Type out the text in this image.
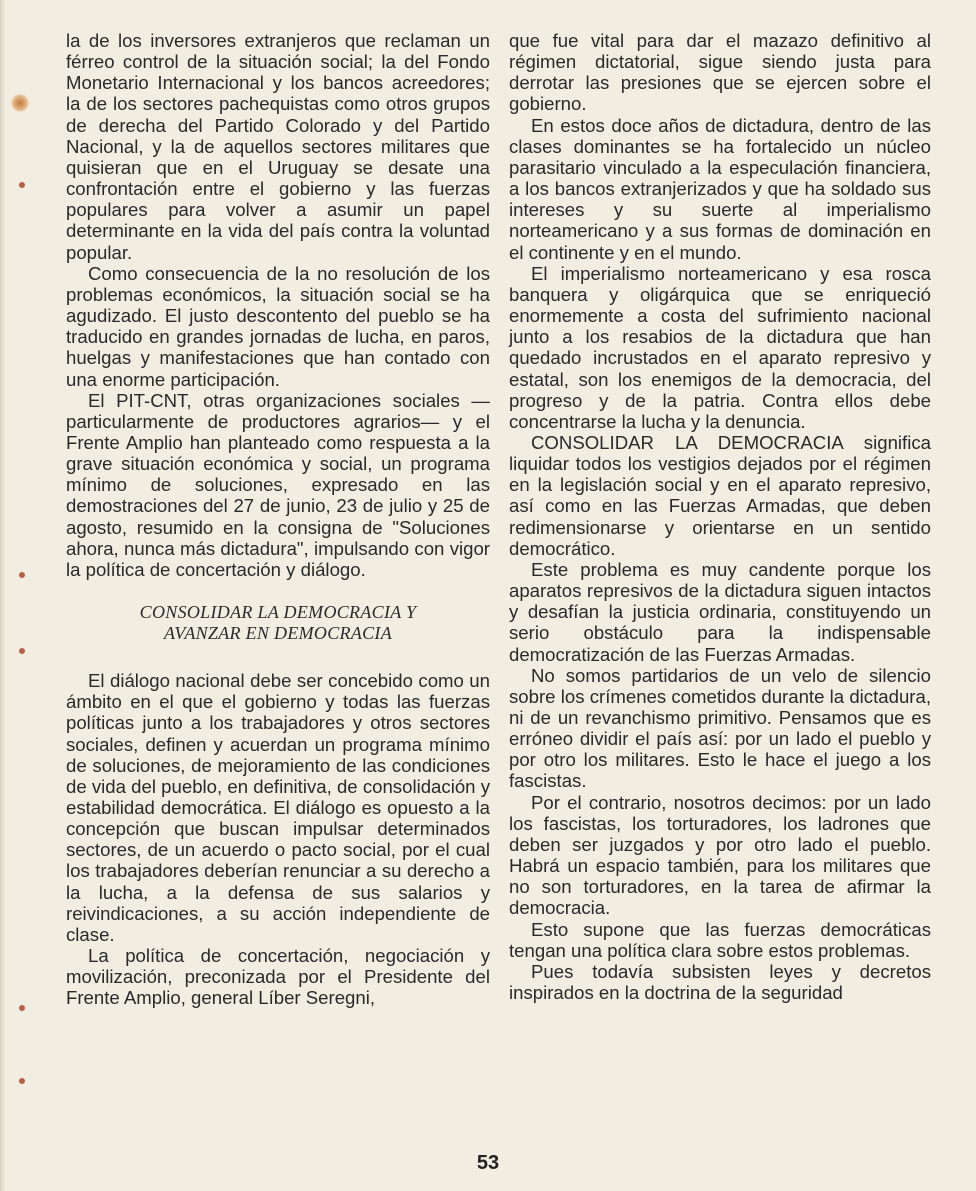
la de los inversores extranjeros que reclaman un férreo control de la situación social; la del Fondo Monetario Internacional y los bancos acreedores; la de los sectores pachequistas como otros grupos de derecha del Partido Colorado y del Partido Nacional, y la de aquellos sectores militares que quisieran que en el Uruguay se desate una confrontación entre el gobierno y las fuerzas populares para volver a asumir un papel determinante en la vida del país contra la voluntad popular.

Como consecuencia de la no resolución de los problemas económicos, la situación social se ha agudizado. El justo descontento del pueblo se ha traducido en grandes jornadas de lucha, en paros, huelgas y manifestaciones que han contado con una enorme participación.

El PIT-CNT, otras organizaciones sociales —particularmente de productores agrarios— y el Frente Amplio han planteado como respuesta a la grave situación económica y social, un programa mínimo de soluciones, expresado en las demostraciones del 27 de junio, 23 de julio y 25 de agosto, resumido en la consigna de "Soluciones ahora, nunca más dictadura", impulsando con vigor la política de concertación y diálogo.

CONSOLIDAR LA DEMOCRACIA Y
AVANZAR EN DEMOCRACIA

El diálogo nacional debe ser concebido como un ámbito en el que el gobierno y todas las fuerzas políticas junto a los trabajadores y otros sectores sociales, definen y acuerdan un programa mínimo de soluciones, de mejoramiento de las condiciones de vida del pueblo, en definitiva, de consolidación y estabilidad democrática. El diálogo es opuesto a la concepción que buscan impulsar determinados sectores, de un acuerdo o pacto social, por el cual los trabajadores deberían renunciar a su derecho a la lucha, a la defensa de sus salarios y reivindicaciones, a su acción independiente de clase.

La política de concertación, negociación y movilización, preconizada por el Presidente del Frente Amplio, general Líber Seregni,

que fue vital para dar el mazazo definitivo al régimen dictatorial, sigue siendo justa para derrotar las presiones que se ejercen sobre el gobierno.

En estos doce años de dictadura, dentro de las clases dominantes se ha fortalecido un núcleo parasitario vinculado a la especulación financiera, a los bancos extranjerizados y que ha soldado sus intereses y su suerte al imperialismo norteamericano y a sus formas de dominación en el continente y en el mundo.

El imperialismo norteamericano y esa rosca banquera y oligárquica que se enriqueció enormemente a costa del sufrimiento nacional junto a los resabios de la dictadura que han quedado incrustados en el aparato represivo y estatal, son los enemigos de la democracia, del progreso y de la patria. Contra ellos debe concentrarse la lucha y la denuncia.

CONSOLIDAR LA DEMOCRACIA significa liquidar todos los vestigios dejados por el régimen en la legislación social y en el aparato represivo, así como en las Fuerzas Armadas, que deben redimensionarse y orientarse en un sentido democrático.

Este problema es muy candente porque los aparatos represivos de la dictadura siguen intactos y desafían la justicia ordinaria, constituyendo un serio obstáculo para la indispensable democratización de las Fuerzas Armadas.

No somos partidarios de un velo de silencio sobre los crímenes cometidos durante la dictadura, ni de un revanchismo primitivo. Pensamos que es erróneo dividir el país así: por un lado el pueblo y por otro los militares. Esto le hace el juego a los fascistas.

Por el contrario, nosotros decimos: por un lado los fascistas, los torturadores, los ladrones que deben ser juzgados y por otro lado el pueblo. Habrá un espacio también, para los militares que no son torturadores, en la tarea de afirmar la democracia.

Esto supone que las fuerzas democráticas tengan una política clara sobre estos problemas.

Pues todavía subsisten leyes y decretos inspirados en la doctrina de la seguridad

53
